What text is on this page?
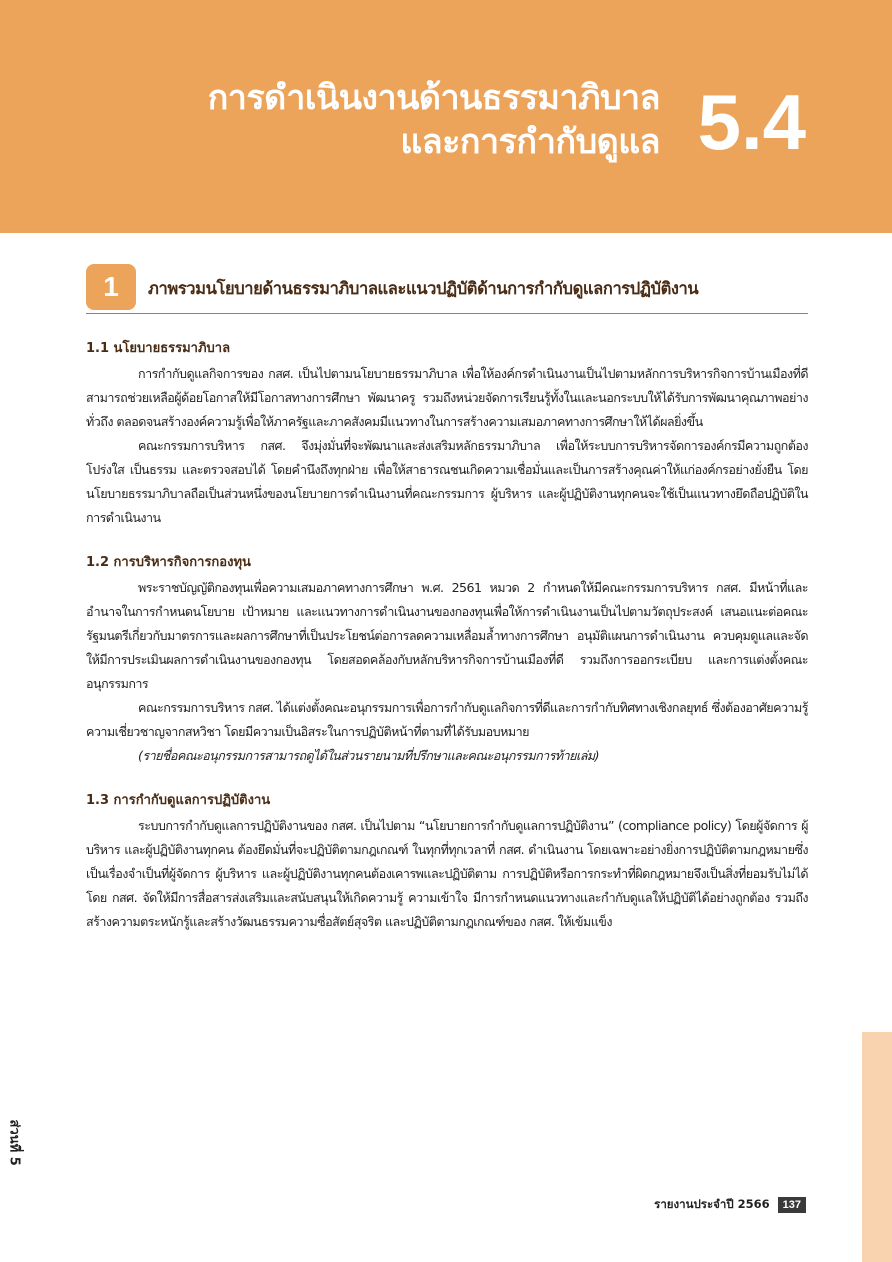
การดำเนินงานด้านธรรมาภิบาล
และการกำกับดูแล 5.4
1	ภาพรวมนโยบายด้านธรรมาภิบาลและแนวปฏิบัติด้านการกำกับดูแลการปฏิบัติงาน
1.1 นโยบายธรรมาภิบาล

การกำกับดูแลกิจการของ กสศ. เป็นไปตามนโยบายธรรมาภิบาล เพื่อให้องค์กรดำเนินงานเป็นไปตามหลักการบริหารกิจการบ้านเมืองที่ดี สามารถช่วยเหลือผู้ด้อยโอกาสให้มีโอกาสทางการศึกษา พัฒนาครู รวมถึงหน่วยจัดการเรียนรู้ทั้งในและนอกระบบให้ได้รับการพัฒนาคุณภาพอย่างทั่วถึง ตลอดจนสร้างองค์ความรู้เพื่อให้ภาครัฐและภาคสังคมมีแนวทางในการสร้างความเสมอภาคทางการศึกษาให้ได้ผลยิ่งขึ้น

คณะกรรมการบริหาร กสศ. จึงมุ่งมั่นที่จะพัฒนาและส่งเสริมหลักธรรมาภิบาล เพื่อให้ระบบการบริหารจัดการองค์กรมีความถูกต้อง โปร่งใส เป็นธรรม และตรวจสอบได้ โดยคำนึงถึงทุกฝ่าย เพื่อให้สาธารณชนเกิดความเชื่อมั่นและเป็นการสร้างคุณค่าให้แก่องค์กรอย่างยั่งยืน โดยนโยบายธรรมาภิบาลถือเป็นส่วนหนึ่งของนโยบายการดำเนินงานที่คณะกรรมการ ผู้บริหาร และผู้ปฏิบัติงานทุกคนจะใช้เป็นแนวทางยึดถือปฏิบัติในการดำเนินงาน

1.2 การบริหารกิจการกองทุน

พระราชบัญญัติกองทุนเพื่อความเสมอภาคทางการศึกษา พ.ศ. 2561 หมวด 2 กำหนดให้มีคณะกรรมการบริหาร กสศ. มีหน้าที่และอำนาจในการกำหนดนโยบาย เป้าหมาย และแนวทางการดำเนินงานของกองทุนเพื่อให้การดำเนินงานเป็นไปตามวัตถุประสงค์ เสนอแนะต่อคณะรัฐมนตรีเกี่ยวกับมาตรการและผลการศึกษาที่เป็นประโยชน์ต่อการลดความเหลื่อมล้ำทางการศึกษา อนุมัติแผนการดำเนินงาน ควบคุมดูแลและจัดให้มีการประเมินผลการดำเนินงานของกองทุน โดยสอดคล้องกับหลักบริหารกิจการบ้านเมืองที่ดี รวมถึงการออกระเบียบ และการแต่งตั้งคณะอนุกรรมการ

คณะกรรมการบริหาร กสศ. ได้แต่งตั้งคณะอนุกรรมการเพื่อการกำกับดูแลกิจการที่ดีและการกำกับทิศทางเชิงกลยุทธ์ ซึ่งต้องอาศัยความรู้ ความเชี่ยวชาญจากสหวิชา โดยมีความเป็นอิสระในการปฏิบัติหน้าที่ตามที่ได้รับมอบหมาย

(รายชื่อคณะอนุกรรมการสามารถดูได้ในส่วนรายนามที่ปรึกษาและคณะอนุกรรมการท้ายเล่ม)

1.3 การกำกับดูแลการปฏิบัติงาน

ระบบการกำกับดูแลการปฏิบัติงานของ กสศ. เป็นไปตาม “นโยบายการกำกับดูแลการปฏิบัติงาน” (compliance policy) โดยผู้จัดการ ผู้บริหาร และผู้ปฏิบัติงานทุกคน ต้องยึดมั่นที่จะปฏิบัติตามกฎเกณฑ์ ในทุกที่ทุกเวลาที่ กสศ. ดำเนินงาน โดยเฉพาะอย่างยิ่งการปฏิบัติตามกฎหมายซึ่งเป็นเรื่องจำเป็นที่ผู้จัดการ ผู้บริหาร และผู้ปฏิบัติงานทุกคนต้องเคารพและปฏิบัติตาม การปฏิบัติหรือการกระทำที่ผิดกฎหมายจึงเป็นสิ่งที่ยอมรับไม่ได้ โดย กสศ. จัดให้มีการสื่อสารส่งเสริมและสนับสนุนให้เกิดความรู้ ความเข้าใจ มีการกำหนดแนวทางและกำกับดูแลให้ปฏิบัติได้อย่างถูกต้อง รวมถึงสร้างความตระหนักรู้และสร้างวัฒนธรรมความซื่อสัตย์สุจริต และปฏิบัติตามกฎเกณฑ์ของ กสศ. ให้เข้มแข็ง

ส่วนที่ 5
รายงานประจำปี 2566	137
